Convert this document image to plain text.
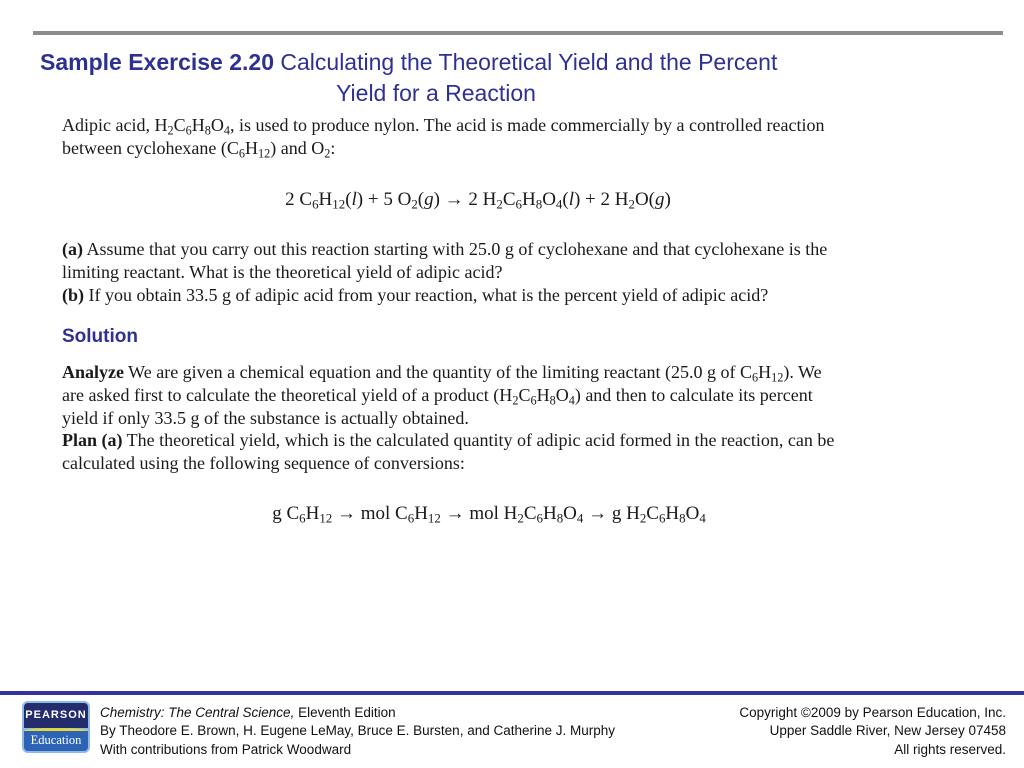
Sample Exercise 2.20 Calculating the Theoretical Yield and the Percent
Yield for a Reaction
Adipic acid, $H_2C_6H_8O_4$, is used to produce nylon. The acid is made commercially by a controlled reaction
between cyclohexane $(C_6H_{12})$ and $O_2$:
2 $C_6H_{12}(l) + 5$ $O_2(g) \to 2$ $H_2C_6H_8O_4(l) + 2$ $H_2O(g)$
(a) Assume that you carry out this reaction starting with 25.0 g of cyclohexane and that cyclohexane is the
limiting reactant. What is the theoretical yield of adipic acid?
(b) If you obtain 33.5 g of adipic acid from your reaction, what is the percent yield of adipic acid?
Solution
Analyze We are given a chemical equation and the quantity of the limiting reactant (25.0 g of $C_6H_{12}$). We
are asked first to calculate the theoretical yield of a product $(H_2C_6H_8O_4)$ and then to calculate its percent
yield if only 33.5 g of the substance is actually obtained.
Plan (a) The theoretical yield, which is the calculated quantity of adipic acid formed in the reaction, can be
calculated using the following sequence of conversions:
g $C_6H_{12}$ → mol $C_6H_{12}$ → mol $H_2C_6H_8O_4 \to g$ $H_2C_6H_8O_4$
PEARSON
Education
Chemistry: The Central Science, Eleventh Edition
By Theodore E. Brown, H. Eugene LeMay, Bruce E. Bursten, and Catherine J. Murphy
With contributions from Patrick Woodward
Copyright ©2009 by Pearson Education, Inc.
Upper Saddle River, New Jersey 07458
All rights reserved.
